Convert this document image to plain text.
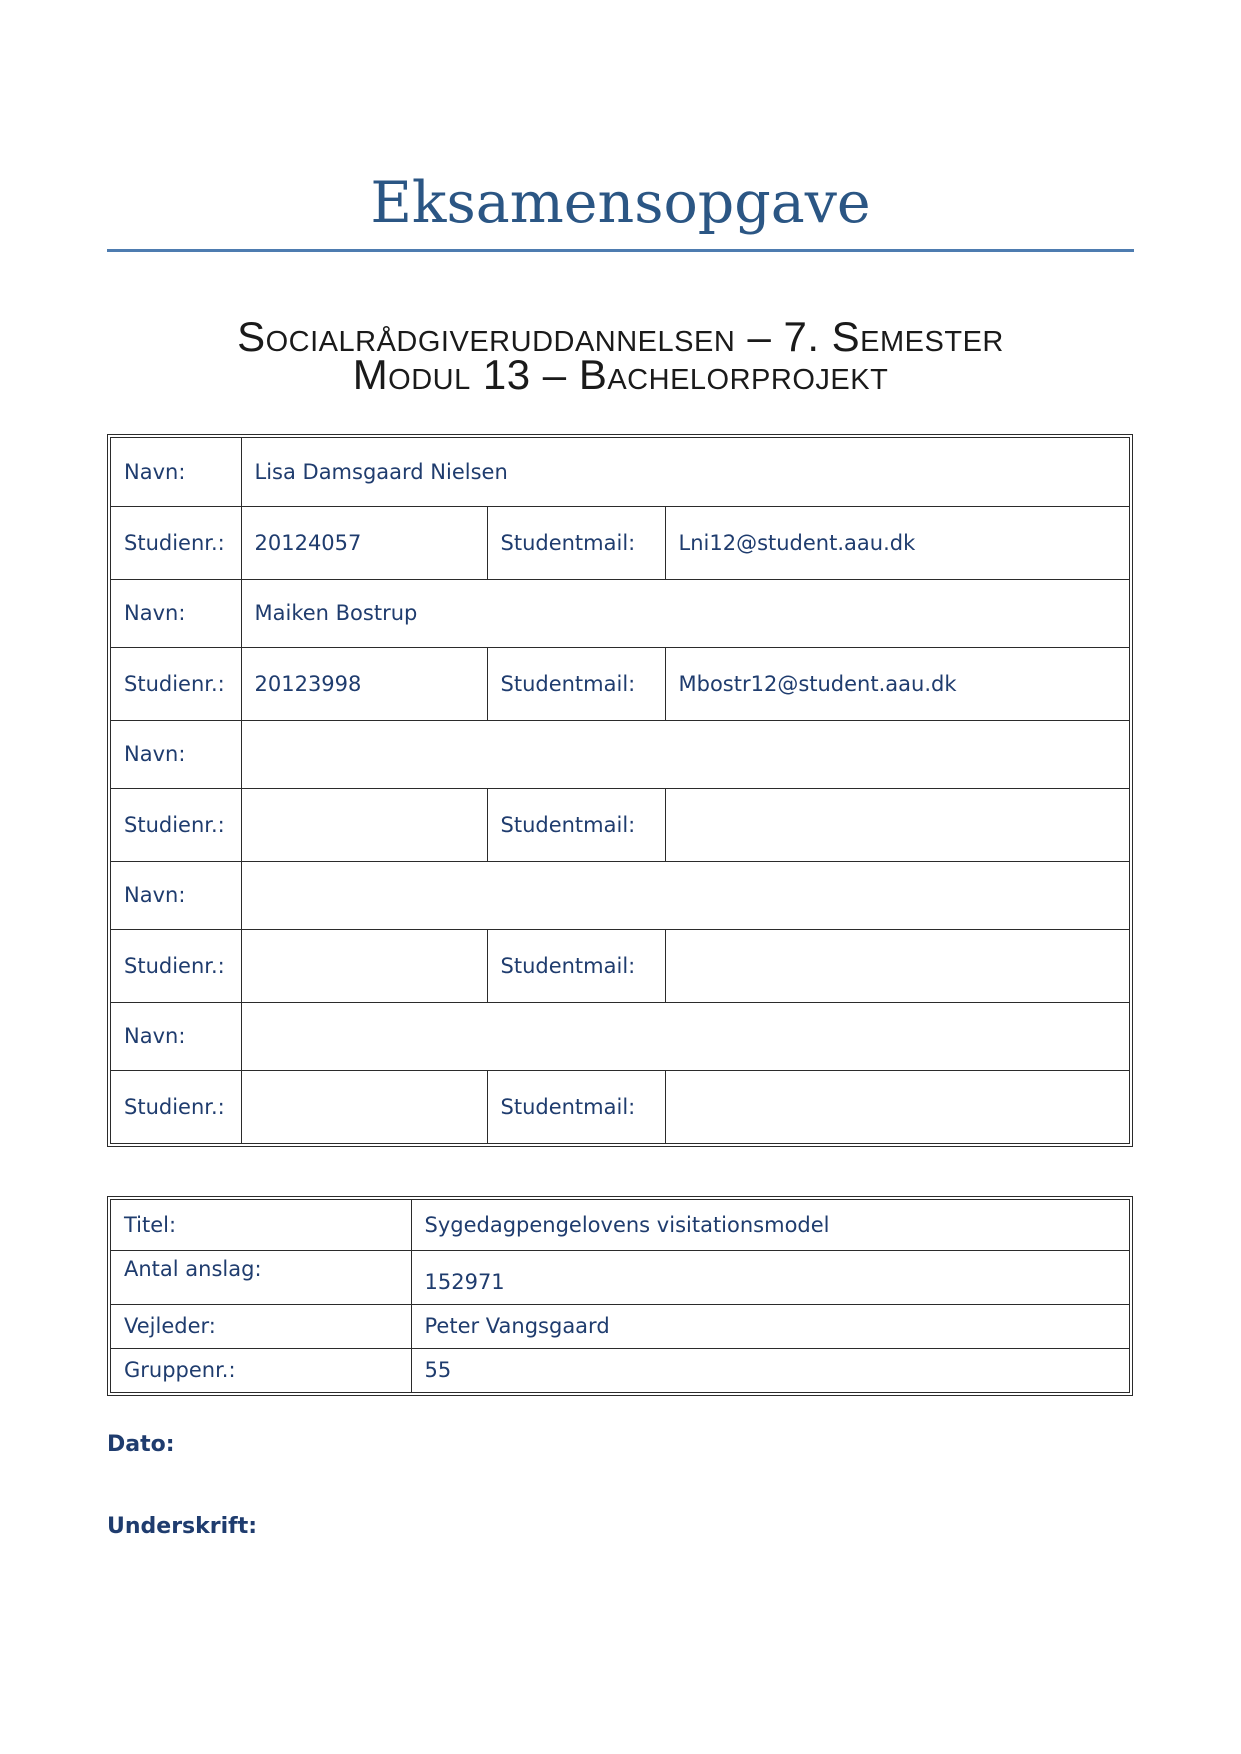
Eksamensopgave
Socialrådgiveruddannelsen – 7. Semester
Modul 13 – Bachelorprojekt
Navn:	Lisa Damsgaard Nielsen		
Studienr.:	20124057	Studentmail:	Lni12@student.aau.dk
Navn:	Maiken Bostrup		
Studienr.:	20123998	Studentmail:	Mbostr12@student.aau.dk
Navn:			
Studienr.:		Studentmail:	
Navn:			
Studienr.:		Studentmail:	
Navn:			
Studienr.:		Studentmail:	
Titel:	Sygedagpengelovens visitationsmodel
Antal anslag:	152971
Vejleder:	Peter Vangsgaard
Gruppenr.:	55
Dato:
Underskrift:
